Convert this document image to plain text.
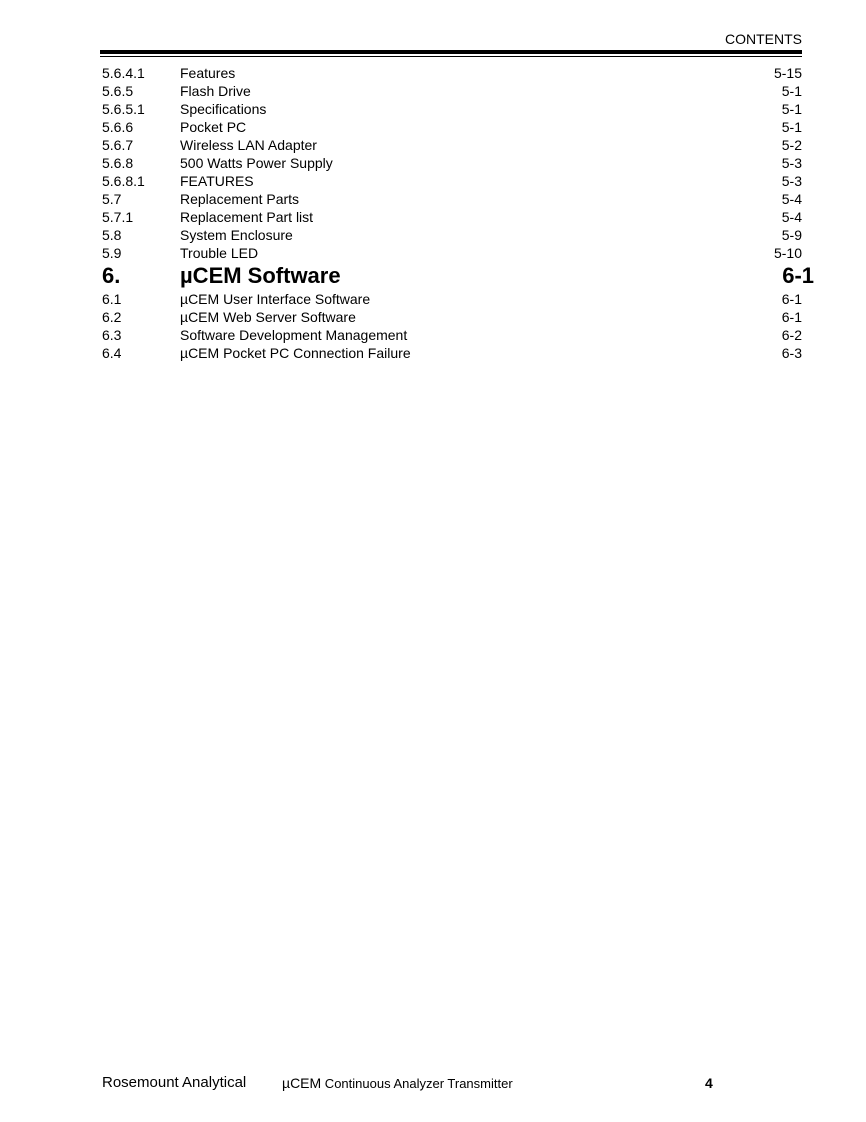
CONTENTS
5.6.4.1	Features	5-15
5.6.5	Flash Drive	5-1
5.6.5.1	Specifications	5-1
5.6.6	Pocket PC	5-1
5.6.7	Wireless LAN Adapter	5-2
5.6.8	500 Watts Power Supply	5-3
5.6.8.1	FEATURES	5-3
5.7	Replacement Parts	5-4
5.7.1	Replacement Part list	5-4
5.8	System Enclosure	5-9
5.9	Trouble LED	5-10
6.	µCEM Software	6-1
6.1	µCEM User Interface Software	6-1
6.2	µCEM Web Server Software	6-1
6.3	Software Development Management	6-2
6.4	µCEM Pocket PC Connection Failure	6-3
Rosemount Analytical	µCEM Continuous Analyzer Transmitter	4
